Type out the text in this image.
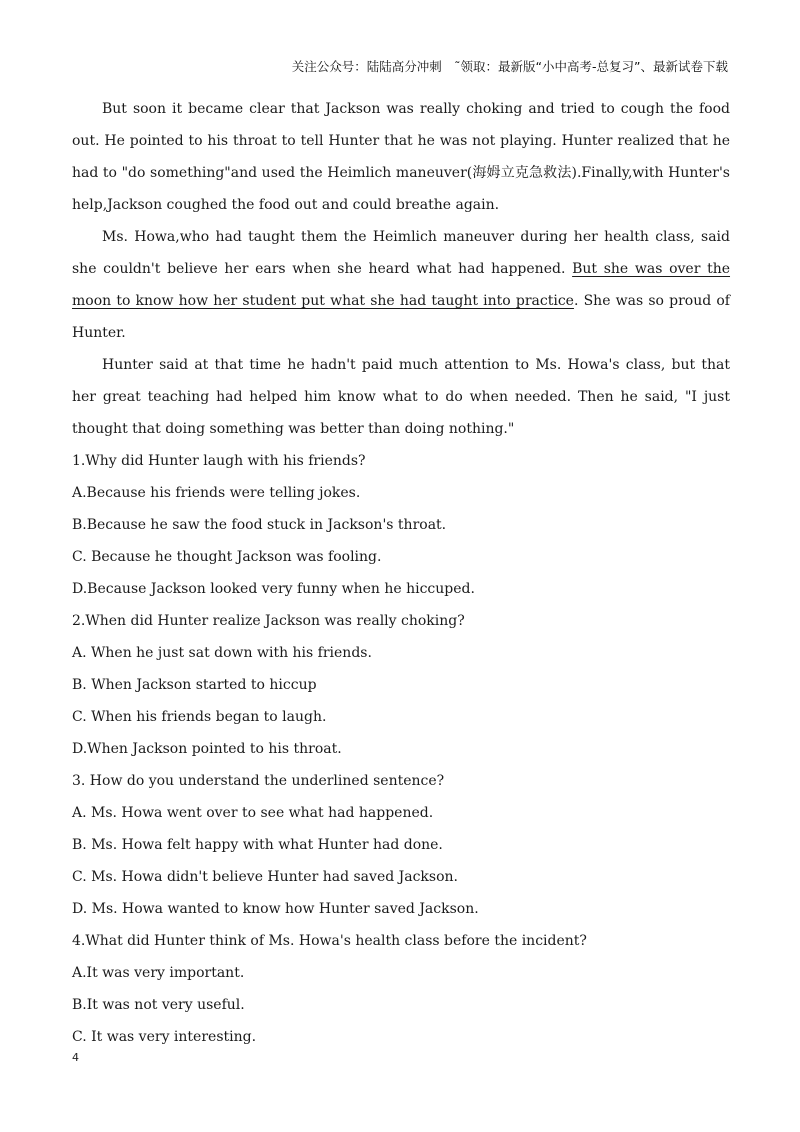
关注公众号：陆陆高分冲刺　˜领取：最新版“小中高考-总复习”、最新试卷下载

But soon it became clear that Jackson was really choking and tried to cough the food out. He pointed to his throat to tell Hunter that he was not playing. Hunter realized that he had to "do something"and used the Heimlich maneuver(海姆立克急救法).Finally,with Hunter's help,Jackson coughed the food out and could breathe again.

Ms. Howa,who had taught them the Heimlich maneuver during her health class, said she couldn't believe her ears when she heard what had happened. But she was over the moon to know how her student put what she had taught into practice. She was so proud of Hunter.

Hunter said at that time he hadn't paid much attention to Ms. Howa's class, but that her great teaching had helped him know what to do when needed. Then he said, "I just thought that doing something was better than doing nothing."

1.Why did Hunter laugh with his friends?

A.Because his friends were telling jokes.

B.Because he saw the food stuck in Jackson's throat.

C. Because he thought Jackson was fooling.

D.Because Jackson looked very funny when he hiccuped.

2.When did Hunter realize Jackson was really choking?

A. When he just sat down with his friends.

B. When Jackson started to hiccup

C. When his friends began to laugh.

D.When Jackson pointed to his throat.

3. How do you understand the underlined sentence?

A. Ms. Howa went over to see what had happened.

B. Ms. Howa felt happy with what Hunter had done.

C. Ms. Howa didn't believe Hunter had saved Jackson.

D. Ms. Howa wanted to know how Hunter saved Jackson.

4.What did Hunter think of Ms. Howa's health class before the incident?

A.It was very important.

B.It was not very useful.

C. It was very interesting.

4
